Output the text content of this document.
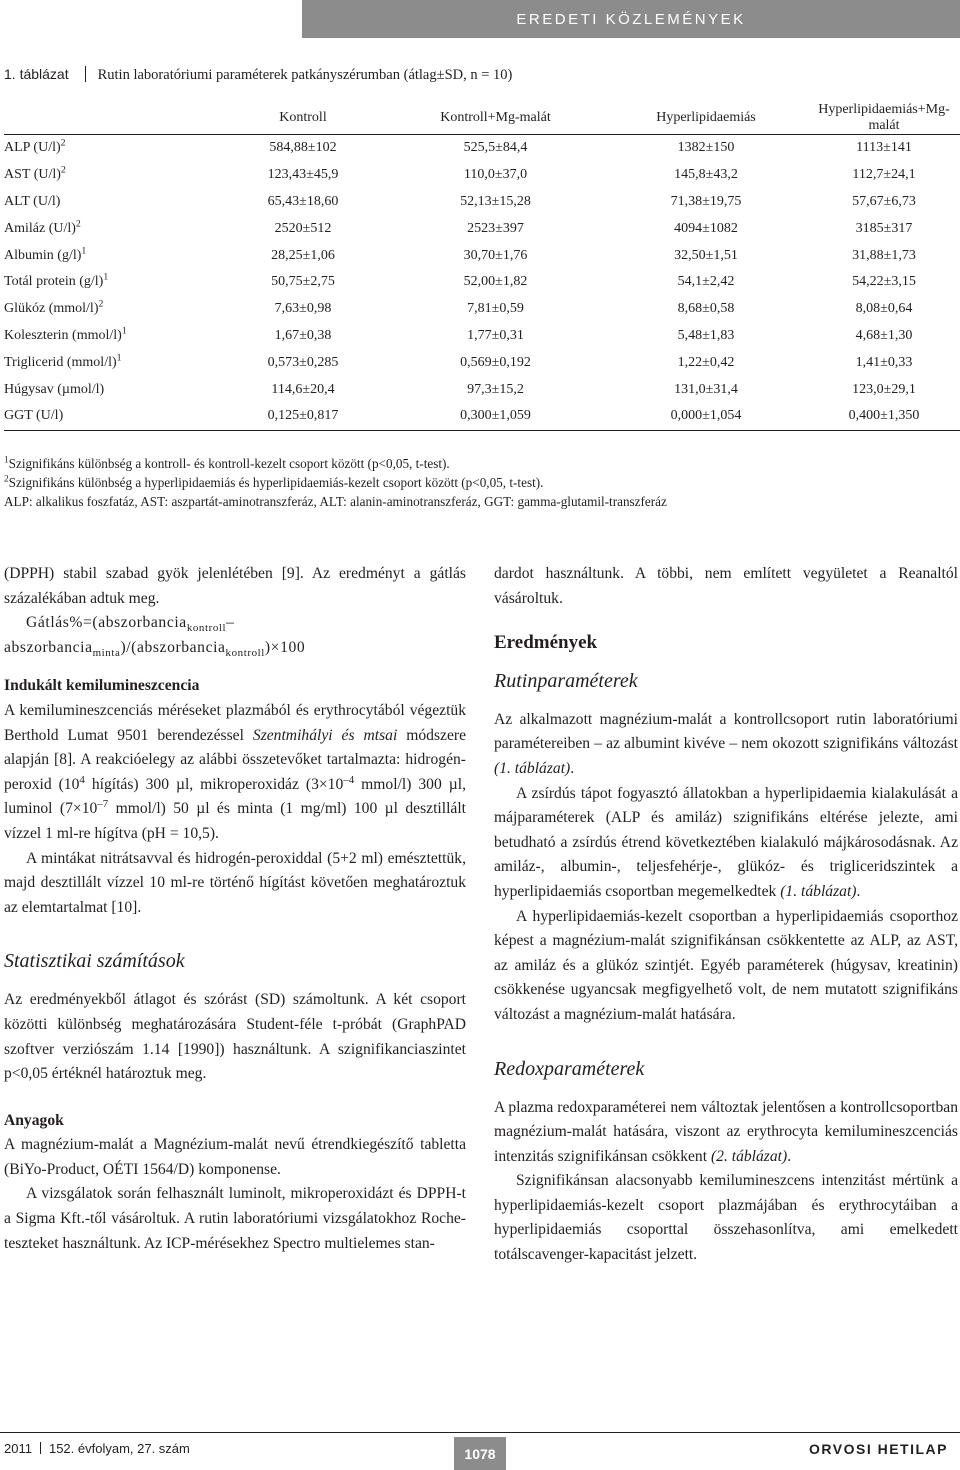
EREDETI KÖZLEMÉNYEK
1. táblázat Rutin laboratóriumi paraméterek patkányszérumban (átlag±SD, n = 10)
	Kontroll	Kontroll+Mg-malát	Hyperlipidaemiás	Hyperlipidaemiás+Mg-malát
ALP $(U/l)^2$	584,88±102	525,5±84,4	1382±150	1113±141
AST $(U/l)^2$	123,43±45,9	110,0±37,0	145,8±43,2	112,7±24,1
ALT (U/l)	65,43±18,60	52,13±15,28	71,38±19,75	57,67±6,73
Amiláz $(U/l)^2$	2520±512	2523±397	4094±1082	3185±317
Albumin $(g/l)^1$	28,25±1,06	30,70±1,76	32,50±1,51	31,88±1,73
Totál protein $(g/l)^1$	50,75±2,75	52,00±1,82	54,1±2,42	54,22±3,15
Glükóz (mmol/l)$^2$	7,63±0,98	7,81±0,59	8,68±0,58	8,08±0,64
Koleszterin (mmol/l)$^1$	1,67±0,38	1,77±0,31	5,48±1,83	4,68±1,30
Triglicerid (mmol/l)$^1$	0,573±0,285	0,569±0,192	1,22±0,42	1,41±0,33
Húgysav (µmol/l)	114,6±20,4	97,3±15,2	131,0±31,4	123,0±29,1
GGT (U/l)	0,125±0,817	0,300±1,059	0,000±1,054	0,400±1,350
$^1$Szignifikáns különbség a kontroll- és kontroll-kezelt csoport között (p<0,05, t-test).
$^2$Szignifikáns különbség a hyperlipidaemiás és hyperlipidaemiás-kezelt csoport között (p<0,05, t-test).
ALP: alkalikus foszfatáz, AST: aszpartát-aminotranszferáz, ALT: alanin-aminotranszferáz, GGT: gamma-glutamil-transzferáz

(DPPH) stabil szabad gyök jelenlétében [9]. Az eredményt a gátlás százalékában adtuk meg.

Gátlás%=(abszorbancia$_{kontroll}$–abszorbancia$_{minta}$)/(abszorbancia$_{kontroll}$)×100

Indukált kemilumineszcencia

A kemilumineszcenciás méréseket plazmából és erythrocytából végeztük Berthold Lumat 9501 berendezéssel Szentmihályi és mtsai módszere alapján [8]. A reakcióelegy az alábbi összetevőket tartalmazta: hidrogén-peroxid ($10^4$ hígítás) 300 µl, mikroperoxidáz ($3\times 10^{-4}$ mmol/l) 300 µl, luminol ($7\times 10^{-7}$ mmol/l) 50 µl és minta (1 mg/ml) 100 µl desztillált vízzel 1 ml-re hígítva (pH = 10,5).

A mintákat nitrátsavval és hidrogén-peroxiddal (5+2 ml) emésztettük, majd desztillált vízzel 10 ml-re történő hígítást követően meghatároztuk az elemtartalmat [10].

Statisztikai számítások

Az eredményekből átlagot és szórást (SD) számoltunk. A két csoport közötti különbség meghatározására Student-féle t-próbát (GraphPAD szoftver verziószám 1.14 [1990]) használtunk. A szignifikanciaszintet p<0,05 értéknél határoztuk meg.

Anyagok

A magnézium-malát a Magnézium-malát nevű étrendkiegészítő tabletta (BiYo-Product, OÉTI 1564/D) komponense.

A vizsgálatok során felhasznált luminolt, mikroperoxidázt és DPPH-t a Sigma Kft.-től vásároltuk. A rutin laboratóriumi vizsgálatokhoz Roche-teszteket használtunk. Az ICP-mérésekhez Spectro multielemes stan-

dardot használtunk. A többi, nem említett vegyületet a Reanaltól vásároltuk.

Eredmények

Rutinparaméterek

Az alkalmazott magnézium-malát a kontrollcsoport rutin laboratóriumi paramétereiben – az albumint kivéve – nem okozott szignifikáns változást (1. táblázat).

A zsírdús tápot fogyasztó állatokban a hyperlipidaemia kialakulását a májparaméterek (ALP és amiláz) szignifikáns eltérése jelezte, ami betudható a zsírdús étrend következtében kialakuló májkárosodásnak. Az amiláz-, albumin-, teljesfehérje-, glükóz- és trigliceridszintek a hyperlipidaemiás csoportban megemelkedtek (1. táblázat).

A hyperlipidaemiás-kezelt csoportban a hyperlipidaemiás csoporthoz képest a magnézium-malát szignifikánsan csökkentette az ALP, az AST, az amiláz és a glükóz szintjét. Egyéb paraméterek (húgysav, kreatinin) csökkenése ugyancsak megfigyelhető volt, de nem mutatott szignifikáns változást a magnézium-malát hatására.

Redoxparaméterek

A plazma redoxparaméterei nem változtak jelentősen a kontrollcsoportban magnézium-malát hatására, viszont az erythrocyta kemilumineszcenciás intenzitás szignifikánsan csökkent (2. táblázat).

Szignifikánsan alacsonyabb kemilumineszcens intenzitást mértünk a hyperlipidaemiás-kezelt csoport plazmájában és erythrocytáiban a hyperlipidaemiás csoporttal összehasonlítva, ami emelkedett totálscavenger-kapacitást jelzett.

2011 152. évfolyam, 27. szám	1078	ORVOSI HETILAP
